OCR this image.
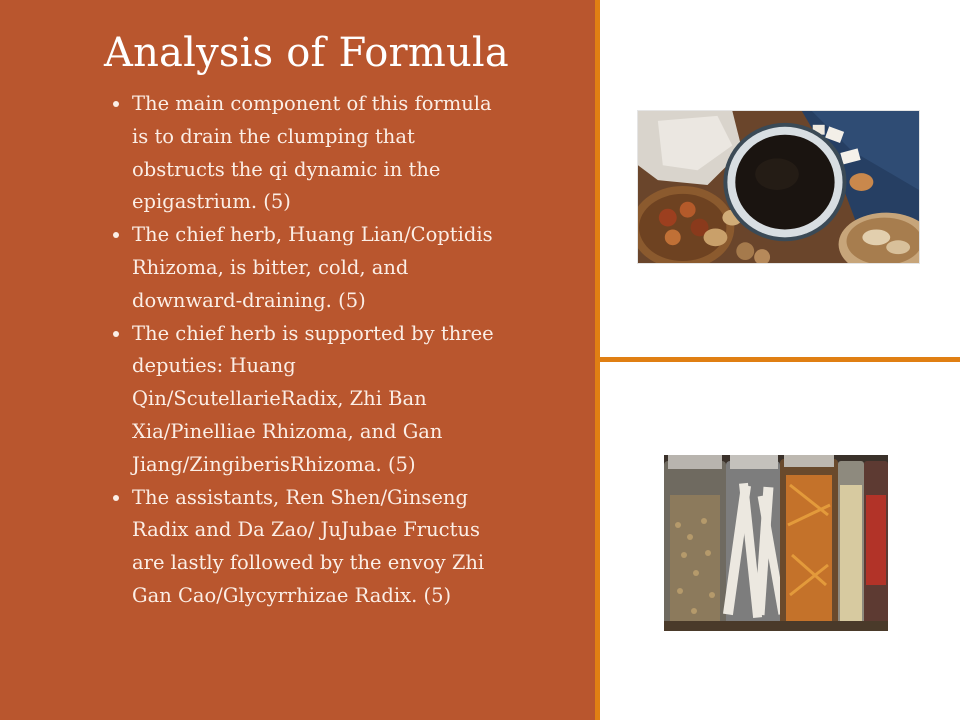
Analysis of Formula
The main component of this formula is to drain the clumping that obstructs the qi dynamic in the epigastrium. (5)
The chief herb, Huang Lian/Coptidis Rhizoma, is bitter, cold, and downward-draining. (5)
The chief herb is supported by three deputies: Huang Qin/ScutellarieRadix, Zhi Ban Xia/Pinelliae Rhizoma, and Gan Jiang/ZingiberisRhizoma. (5)
The assistants, Ren Shen/Ginseng Radix and Da Zao/ JuJubae Fructus are lastly followed by the envoy Zhi Gan Cao/Glycyrrhizae Radix. (5)
